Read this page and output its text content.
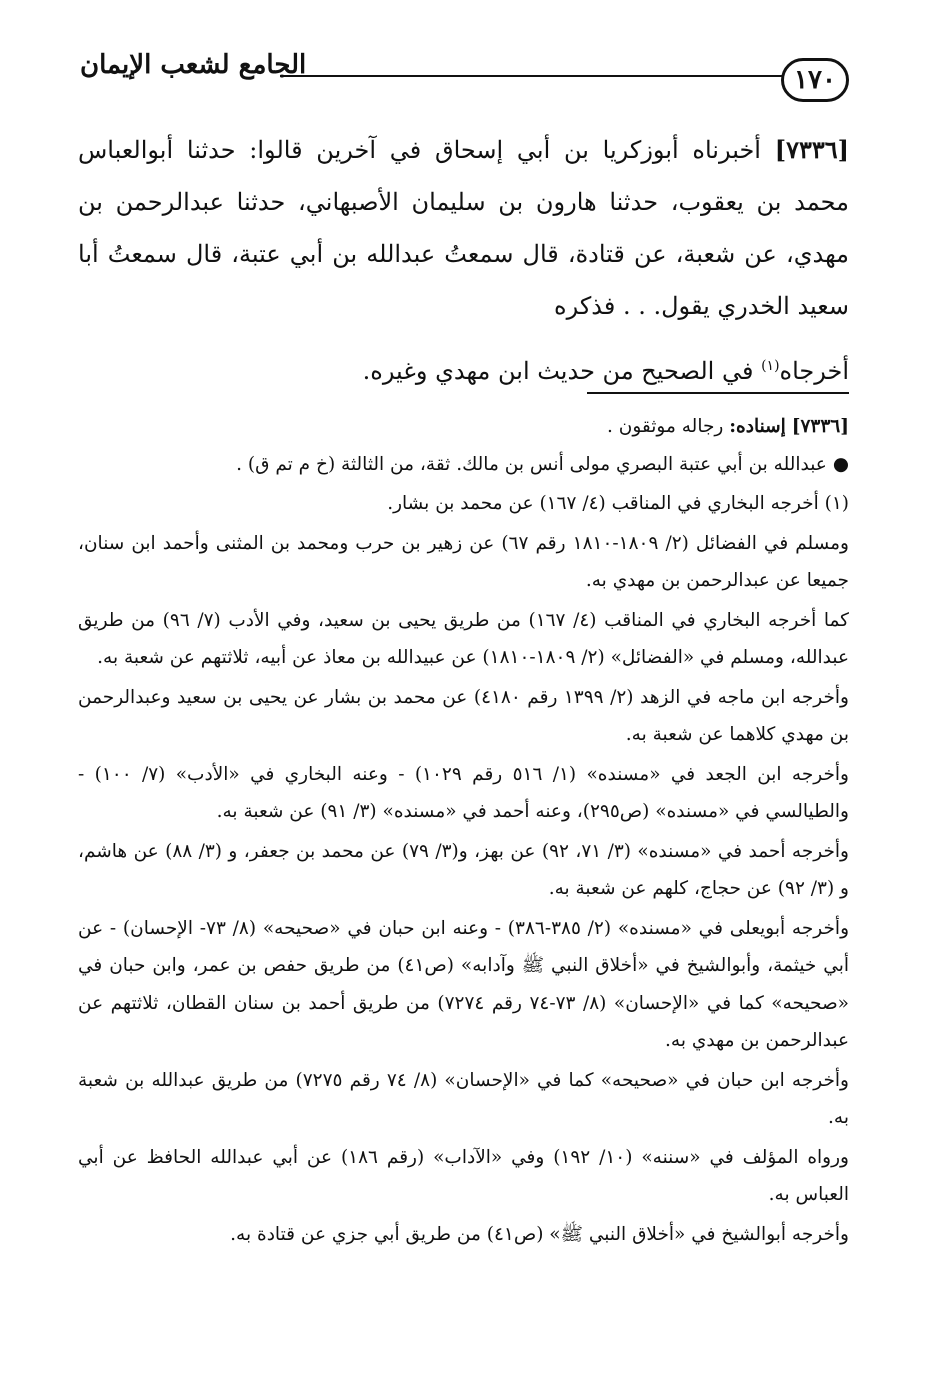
١٧٠
الجامع لشعب الإيمان

[٧٣٣٦] أخبرناه أبوزكريا بن أبي إسحاق في آخرين قالوا: حدثنا أبوالعباس محمد بن يعقوب، حدثنا هارون بن سليمان الأصبهاني، حدثنا عبدالرحمن بن مهدي، عن شعبة، عن قتادة، قال سمعتُ عبدالله بن أبي عتبة، قال سمعتُ أبا سعيد الخدري يقول. . . فذكره

أخرجاه$^{(١)}$ في الصحيح من حديث ابن مهدي وغيره.

[٧٣٣٦] إسناده: رجاله موثقون .

●عبدالله بن أبي عتبة البصري مولى أنس بن مالك. ثقة، من الثالثة (خ م تم ق) .

(١) أخرجه البخاري في المناقب (٤/ ١٦٧) عن محمد بن بشار.

ومسلم في الفضائل (٢/ ١٨٠٩-١٨١٠ رقم ٦٧) عن زهير بن حرب ومحمد بن المثنى وأحمد ابن سنان، جميعا عن عبدالرحمن بن مهدي به.

كما أخرجه البخاري في المناقب (٤/ ١٦٧) من طريق يحيى بن سعيد، وفي الأدب (٧/ ٩٦) من طريق عبدالله، ومسلم في «الفضائل» (٢/ ١٨٠٩-١٨١٠) عن عبيدالله بن معاذ عن أبيه، ثلاثتهم عن شعبة به.

وأخرجه ابن ماجه في الزهد (٢/ ١٣٩٩ رقم ٤١٨٠) عن محمد بن بشار عن يحيى بن سعيد وعبدالرحمن بن مهدي كلاهما عن شعبة به.

وأخرجه ابن الجعد في «مسنده» (١/ ٥١٦ رقم ١٠٢٩) - وعنه البخاري في «الأدب» (٧/ ١٠٠) - والطيالسي في «مسنده» (ص٢٩٥)، وعنه أحمد في «مسنده» (٣/ ٩١) عن شعبة به.

وأخرجه أحمد في «مسنده» (٣/ ٧١، ٩٢) عن بهز، و(٣/ ٧٩) عن محمد بن جعفر، و (٣/ ٨٨) عن هاشم، و (٣/ ٩٢) عن حجاج، كلهم عن شعبة به.

وأخرجه أبويعلى في «مسنده» (٢/ ٣٨٥-٣٨٦) - وعنه ابن حبان في «صحيحه» (٨/ ٧٣- الإحسان) - عن أبي خيثمة، وأبوالشيخ في «أخلاق النبي ﷺ وآدابه» (ص٤١) من طريق حفص بن عمر، وابن حبان في «صحيحه» كما في «الإحسان» (٨/ ٧٣-٧٤ رقم ٧٢٧٤) من طريق أحمد بن سنان القطان، ثلاثتهم عن عبدالرحمن بن مهدي به.

وأخرجه ابن حبان في «صحيحه» كما في «الإحسان» (٨/ ٧٤ رقم ٧٢٧٥) من طريق عبدالله بن شعبة به.

ورواه المؤلف في «سننه» (١٠/ ١٩٢) وفي «الآداب» (رقم ١٨٦) عن أبي عبدالله الحافظ عن أبي العباس به.

وأخرجه أبوالشيخ في «أخلاق النبي ﷺ» (ص٤١) من طريق أبي جزي عن قتادة به.
